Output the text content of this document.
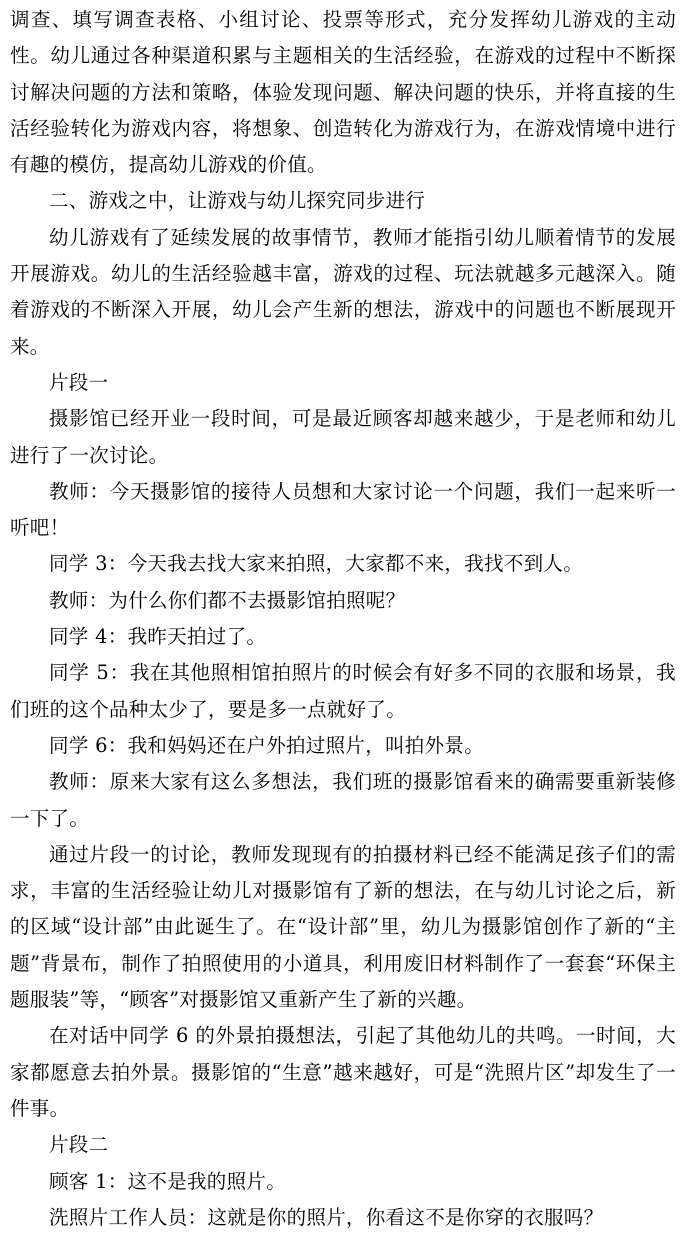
调查、填写调查表格、小组讨论、投票等形式，充分发挥幼儿游戏的主动性。幼儿通过各种渠道积累与主题相关的生活经验，在游戏的过程中不断探讨解决问题的方法和策略，体验发现问题、解决问题的快乐，并将直接的生活经验转化为游戏内容，将想象、创造转化为游戏行为，在游戏情境中进行有趣的模仿，提高幼儿游戏的价值。

二、游戏之中，让游戏与幼儿探究同步进行

幼儿游戏有了延续发展的故事情节，教师才能指引幼儿顺着情节的发展开展游戏。幼儿的生活经验越丰富，游戏的过程、玩法就越多元越深入。随着游戏的不断深入开展，幼儿会产生新的想法，游戏中的问题也不断展现开来。

片段一

摄影馆已经开业一段时间，可是最近顾客却越来越少，于是老师和幼儿进行了一次讨论。

教师：今天摄影馆的接待人员想和大家讨论一个问题，我们一起来听一听吧！

同学 3：今天我去找大家来拍照，大家都不来，我找不到人。

教师：为什么你们都不去摄影馆拍照呢？

同学 4：我昨天拍过了。

同学 5：我在其他照相馆拍照片的时候会有好多不同的衣服和场景，我们班的这个品种太少了，要是多一点就好了。

同学 6：我和妈妈还在户外拍过照片，叫拍外景。

教师：原来大家有这么多想法，我们班的摄影馆看来的确需要重新装修一下了。

通过片段一的讨论，教师发现现有的拍摄材料已经不能满足孩子们的需求，丰富的生活经验让幼儿对摄影馆有了新的想法，在与幼儿讨论之后，新的区域“设计部”由此诞生了。在“设计部”里，幼儿为摄影馆创作了新的“主题”背景布，制作了拍照使用的小道具，利用废旧材料制作了一套套“环保主题服装”等，“顾客”对摄影馆又重新产生了新的兴趣。

在对话中同学 6 的外景拍摄想法，引起了其他幼儿的共鸣。一时间，大家都愿意去拍外景。摄影馆的“生意”越来越好，可是“洗照片区”却发生了一件事。

片段二

顾客 1：这不是我的照片。

洗照片工作人员：这就是你的照片，你看这不是你穿的衣服吗？
